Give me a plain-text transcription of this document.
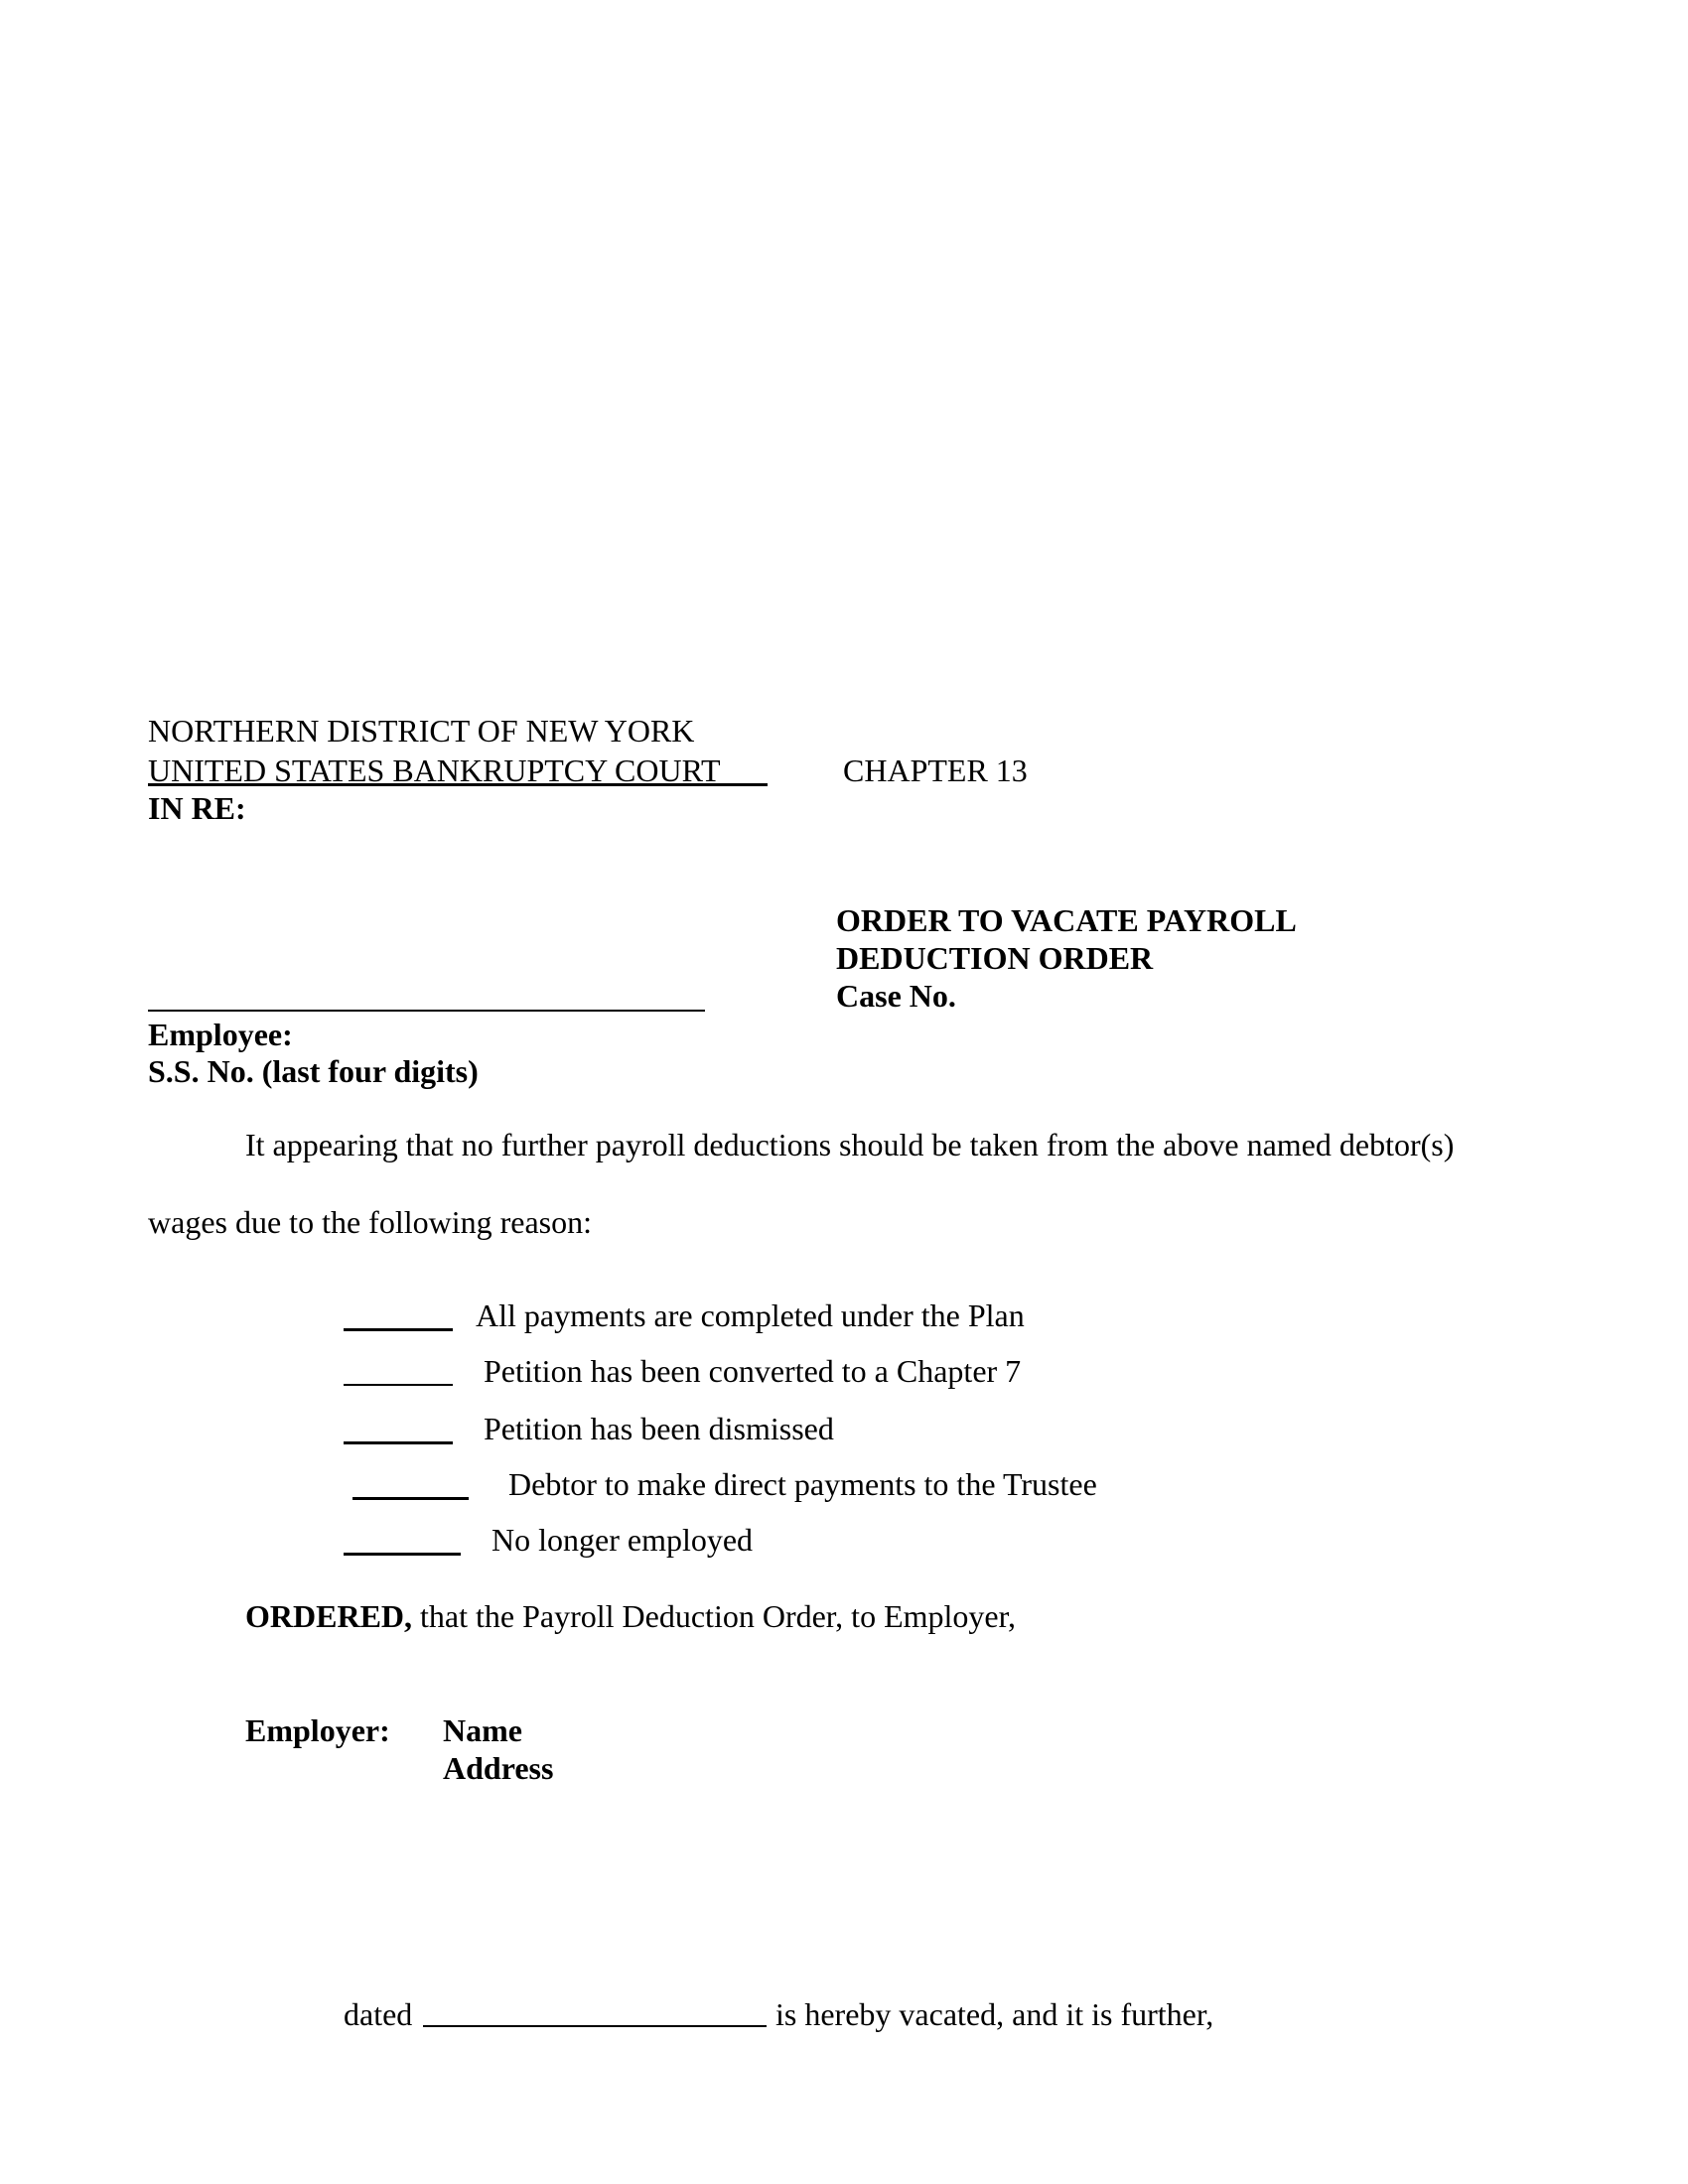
NORTHERN DISTRICT OF NEW YORK
UNITED STATES BANKRUPTCY COURT	CHAPTER 13
IN RE:
ORDER TO VACATE PAYROLL
DEDUCTION ORDER
Case No.
Employee:
S.S. No. (last four digits)
It appearing that no further payroll deductions should be taken from the above named debtor(s)
wages due to the following reason:
All payments are completed under the Plan
Petition has been converted to a Chapter 7
Petition has been dismissed
Debtor to make direct payments to the Trustee
No longer employed
ORDERED, that the Payroll Deduction Order, to Employer,
Employer: Name
Address
dated	is hereby vacated, and it is further,
